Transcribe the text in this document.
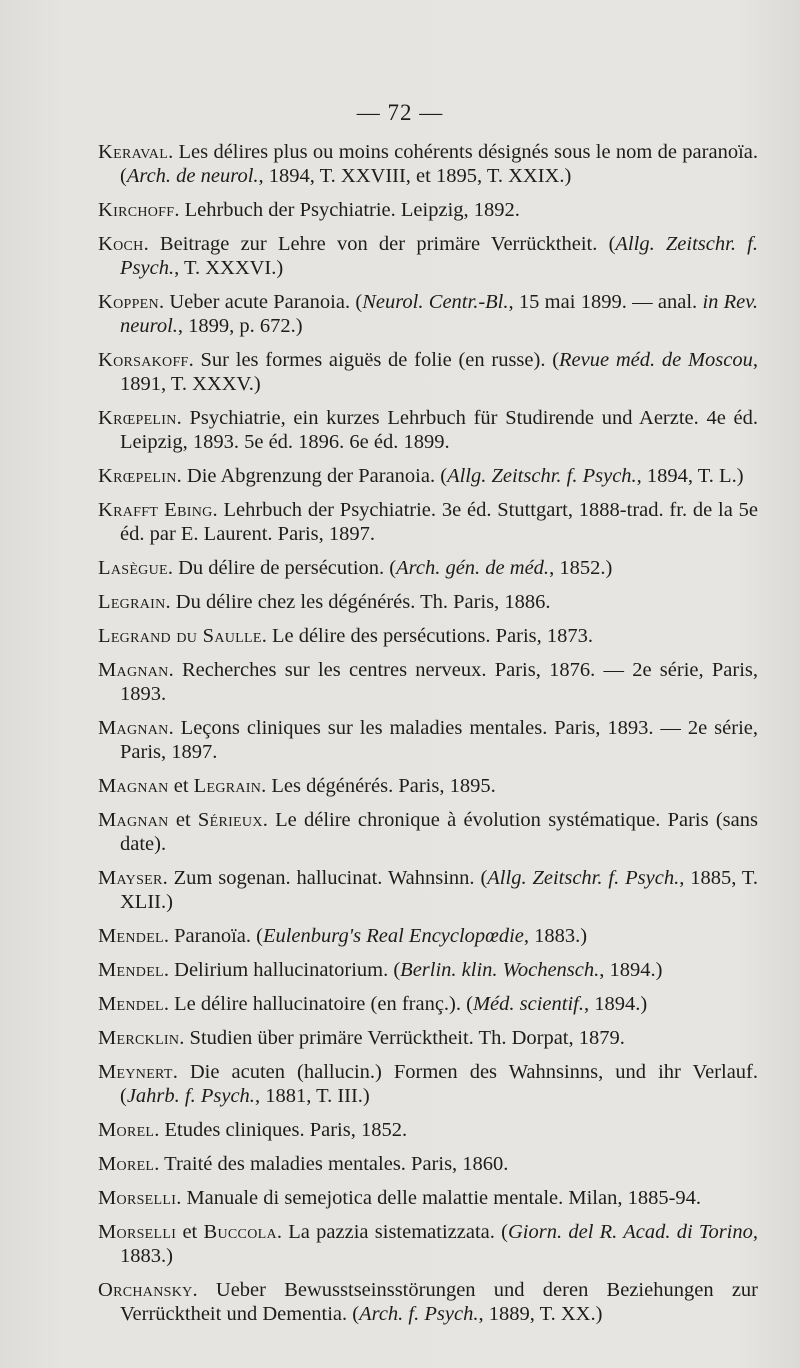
— 72 —
Keraval. Les délires plus ou moins cohérents désignés sous le nom de paranoïa. (Arch. de neurol., 1894, T. XXVIII, et 1895, T. XXIX.)
Kirchoff. Lehrbuch der Psychiatrie. Leipzig, 1892.
Koch. Beitrage zur Lehre von der primäre Verrücktheit. (Allg. Zeitschr. f. Psych., T. XXXVI.)
Koppen. Ueber acute Paranoia. (Neurol. Centr.-Bl., 15 mai 1899. — anal. in Rev. neurol., 1899, p. 672.)
Korsakoff. Sur les formes aiguës de folie (en russe). (Revue méd. de Moscou, 1891, T. XXXV.)
Krœpelin. Psychiatrie, ein kurzes Lehrbuch für Studirende und Aerzte. 4e éd. Leipzig, 1893. 5e éd. 1896. 6e éd. 1899.
Krœpelin. Die Abgrenzung der Paranoia. (Allg. Zeitschr. f. Psych., 1894, T. L.)
Krafft Ebing. Lehrbuch der Psychiatrie. 3e éd. Stuttgart, 1888-trad. fr. de la 5e éd. par E. Laurent. Paris, 1897.
Lasègue. Du délire de persécution. (Arch. gén. de méd., 1852.)
Legrain. Du délire chez les dégénérés. Th. Paris, 1886.
Legrand du Saulle. Le délire des persécutions. Paris, 1873.
Magnan. Recherches sur les centres nerveux. Paris, 1876. — 2e série, Paris, 1893.
Magnan. Leçons cliniques sur les maladies mentales. Paris, 1893. — 2e série, Paris, 1897.
Magnan et Legrain. Les dégénérés. Paris, 1895.
Magnan et Sérieux. Le délire chronique à évolution systématique. Paris (sans date).
Mayser. Zum sogenan. hallucinat. Wahnsinn. (Allg. Zeitschr. f. Psych., 1885, T. XLII.)
Mendel. Paranoïa. (Eulenburg's Real Encyclopœdie, 1883.)
Mendel. Delirium hallucinatorium. (Berlin. klin. Wochensch., 1894.)
Mendel. Le délire hallucinatoire (en franç.). (Méd. scientif., 1894.)
Mercklin. Studien über primäre Verrücktheit. Th. Dorpat, 1879.
Meynert. Die acuten (hallucin.) Formen des Wahnsinns, und ihr Verlauf. (Jahrb. f. Psych., 1881, T. III.)
Morel. Etudes cliniques. Paris, 1852.
Morel. Traité des maladies mentales. Paris, 1860.
Morselli. Manuale di semejotica delle malattie mentale. Milan, 1885-94.
Morselli et Buccola. La pazzia sistematizzata. (Giorn. del R. Acad. di Torino, 1883.)
Orchansky. Ueber Bewusstseinsstörungen und deren Beziehungen zur Verrücktheit und Dementia. (Arch. f. Psych., 1889, T. XX.)
